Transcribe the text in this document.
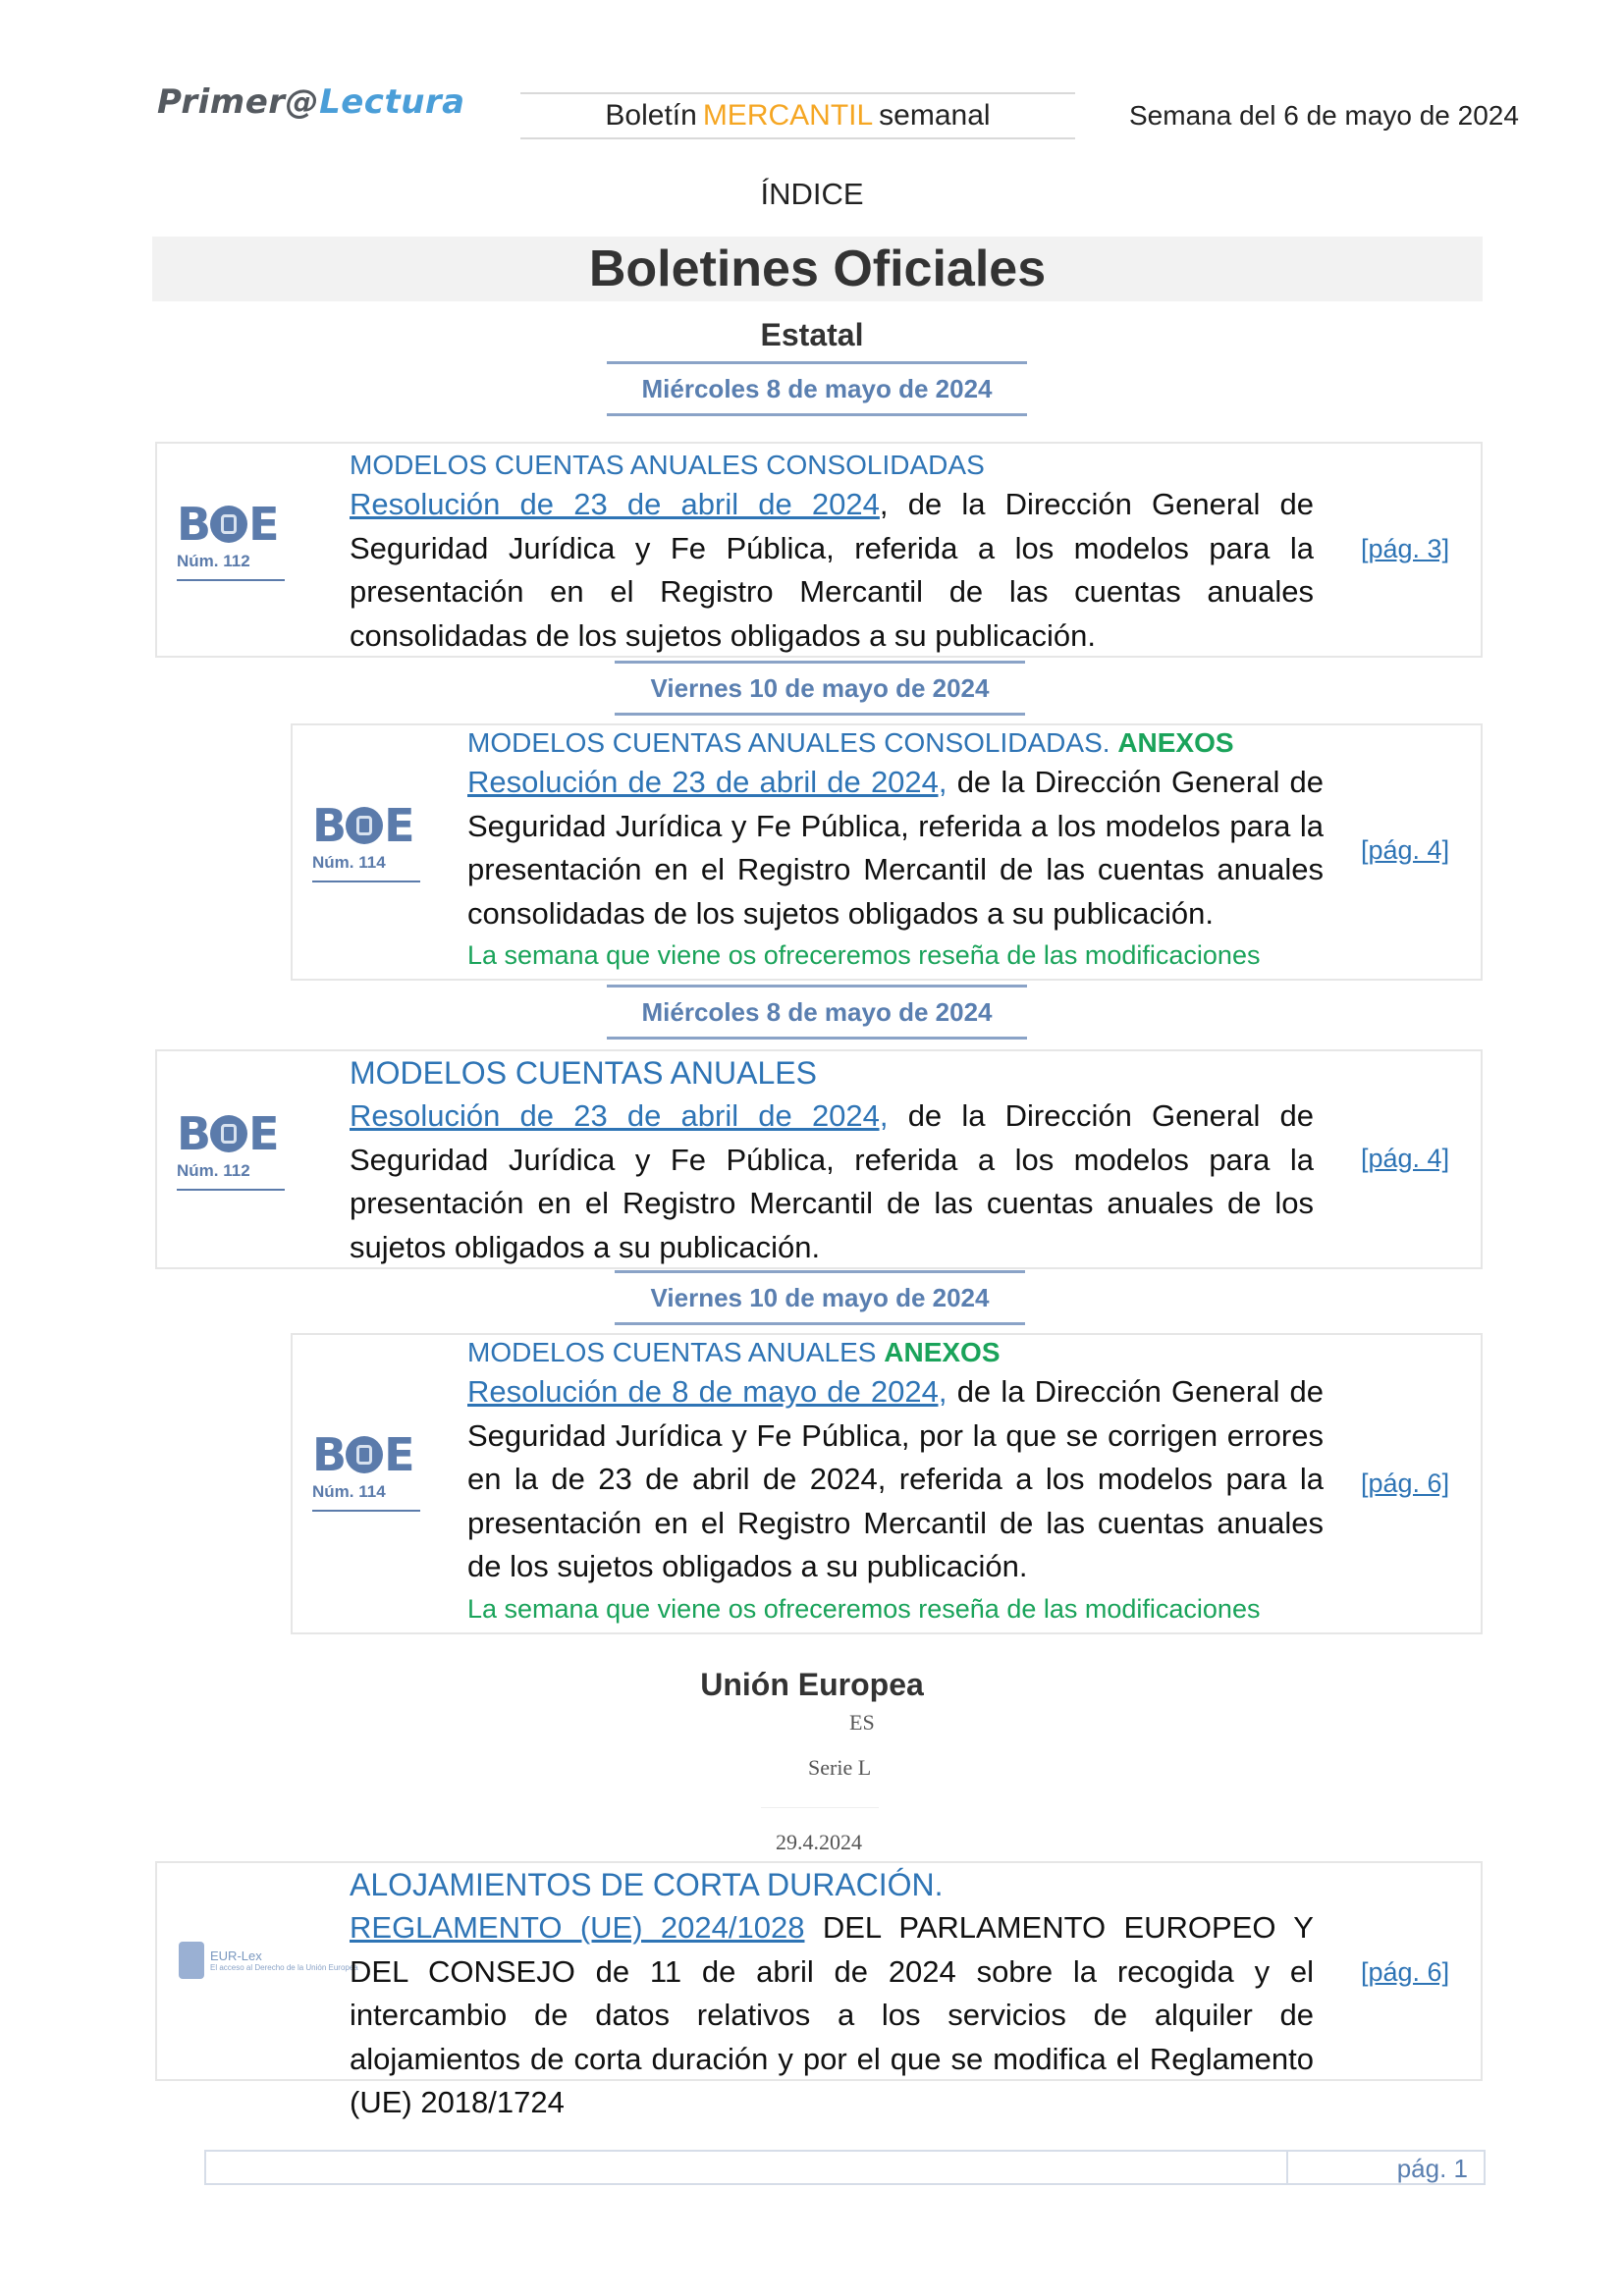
Primer@Lectura	Boletín MERCANTIL semanal	Semana del 6 de mayo de 2024
ÍNDICE
Boletines Oficiales
Estatal
Miércoles 8 de mayo de 2024
B E
Núm. 112
MODELOS CUENTAS ANUALES CONSOLIDADAS
Resolución de 23 de abril de 2024, de la Dirección General de Seguridad Jurídica y Fe Pública, referida a los modelos para la presentación en el Registro Mercantil de las cuentas anuales consolidadas de los sujetos obligados a su publicación.
[pág. 3]
Viernes 10 de mayo de 2024
B E
Núm. 114
MODELOS CUENTAS ANUALES CONSOLIDADAS. ANEXOS
Resolución de 23 de abril de 2024, de la Dirección General de Seguridad Jurídica y Fe Pública, referida a los modelos para la presentación en el Registro Mercantil de las cuentas anuales consolidadas de los sujetos obligados a su publicación.
La semana que viene os ofreceremos reseña de las modificaciones
[pág. 4]
Miércoles 8 de mayo de 2024
B E
Núm. 112
MODELOS CUENTAS ANUALES
Resolución de 23 de abril de 2024, de la Dirección General de Seguridad Jurídica y Fe Pública, referida a los modelos para la presentación en el Registro Mercantil de las cuentas anuales de los sujetos obligados a su publicación.
[pág. 4]
Viernes 10 de mayo de 2024
B E
Núm. 114
MODELOS CUENTAS ANUALES ANEXOS
Resolución de 8 de mayo de 2024, de la Dirección General de Seguridad Jurídica y Fe Pública, por la que se corrigen errores en la de 23 de abril de 2024, referida a los modelos para la presentación en el Registro Mercantil de las cuentas anuales de los sujetos obligados a su publicación.
La semana que viene os ofreceremos reseña de las modificaciones
[pág. 6]
Unión Europea
ES
Serie L
29.4.2024
EUR-Lex
El acceso al Derecho de la Unión Europea
ALOJAMIENTOS DE CORTA DURACIÓN.
REGLAMENTO (UE) 2024/1028 DEL PARLAMENTO EUROPEO Y DEL CONSEJO de 11 de abril de 2024 sobre la recogida y el intercambio de datos relativos a los servicios de alquiler de alojamientos de corta duración y por el que se modifica el Reglamento (UE) 2018/1724
[pág. 6]
pág. 1
